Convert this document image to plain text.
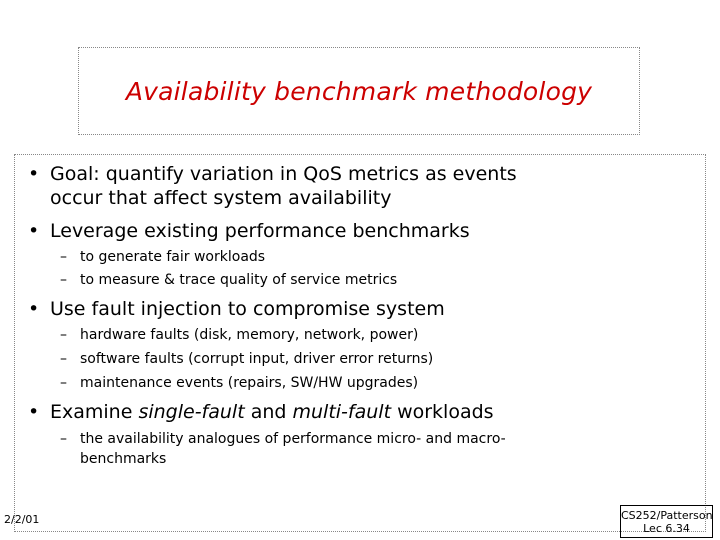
Availability benchmark methodology
• Goal: quantify variation in QoS metrics as events
occur that affect system availability
• Leverage existing performance benchmarks
– to generate fair workloads
– to measure & trace quality of service metrics
• Use fault injection to compromise system
– hardware faults (disk, memory, network, power)
– software faults (corrupt input, driver error returns)
– maintenance events (repairs, SW/HW upgrades)
• Examine single-fault and multi-fault workloads
– the availability analogues of performance micro- and macro-
benchmarks
2/2/01	CS252/Patterson
Lec 6.34
